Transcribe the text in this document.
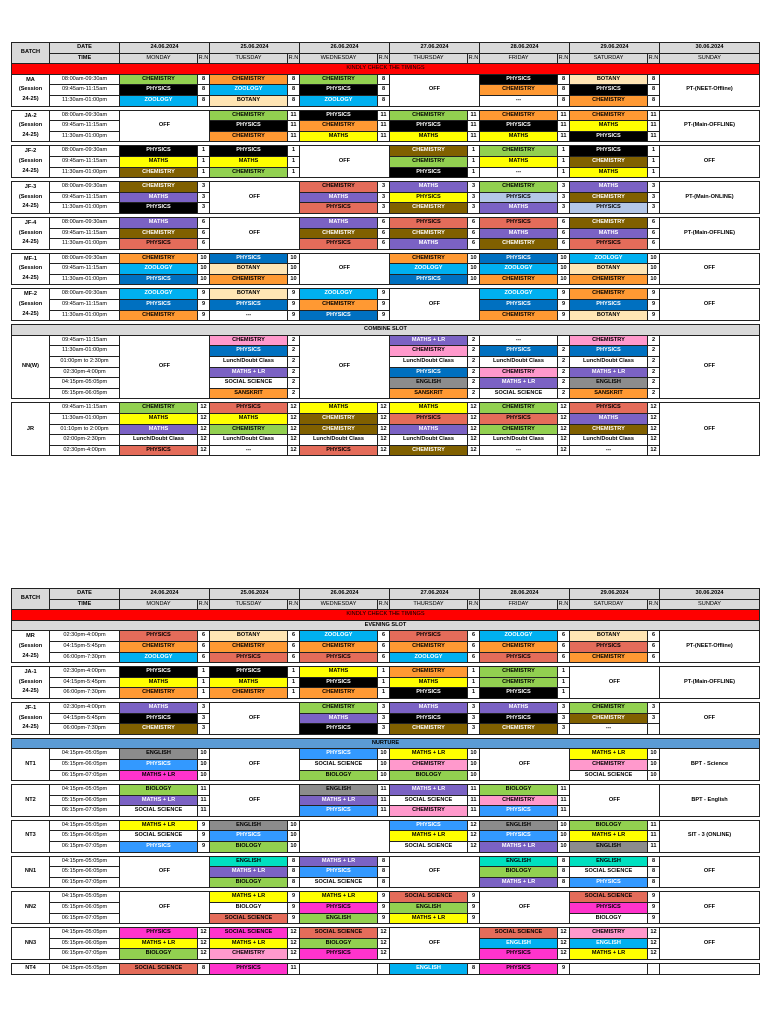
BATCH	DATE	24.06.2024		25.06.2024		26.06.2024		27.06.2024		28.06.2024		29.06.2024		30.06.2024
	TIME	MONDAY	R.N	TUESDAY	R.N	WEDNESDAY	R.N	THURSDAY	R.N	FRIDAY	R.N	SATURDAY	R.N	SUNDAY
KINDLY CHECK THE TIMINGS														
MA
(Session
24-25)	08:00am-09:30am	CHEMISTRY	8	CHEMISTRY	8	CHEMISTRY	8	OFF		PHYSICS	8	BOTANY	8	PT-(NEET-Offline)
	09:45am-11:15am	PHYSICS	8	ZOOLOGY	8	PHYSICS	8			CHEMISTRY	8	PHYSICS	8	
	11:30am-01:00pm	ZOOLOGY	8	BOTANY	8	ZOOLOGY	8			---	8	CHEMISTRY	8	

JA-2
(Session
24-25)	08:00am-09:30am	OFF		CHEMISTRY	11	PHYSICS	11	CHEMISTRY	11	CHEMISTRY	11	CHEMISTRY	11	PT-(Main-OFFLINE)
	09:45am-11:15am			PHYSICS	11	CHEMISTRY	11	PHYSICS	11	PHYSICS	11	MATHS	11	
	11:30am-01:00pm			CHEMISTRY	11	MATHS	11	MATHS	11	MATHS	11	PHYSICS	11	

JF-2
(Session
24-25)	08:00am-09:30am	PHYSICS	1	PHYSICS	1	OFF		CHEMISTRY	1	CHEMISTRY	1	PHYSICS	1	OFF
	09:45am-11:15am	MATHS	1	MATHS	1			CHEMISTRY	1	MATHS	1	CHEMISTRY	1	
	11:30am-01:00pm	CHEMISTRY	1	CHEMISTRY	1			PHYSICS	1	---	1	MATHS	1	

JF-3
(Session
24-25)	08:00am-09:30am	CHEMISTRY	3	OFF		CHEMISTRY	3	MATHS	3	CHEMISTRY	3	MATHS	3	PT-(Main-ONLINE)
	09:45am-11:15am	MATHS	3			MATHS	3	PHYSICS	3	PHYSICS	3	CHEMISTRY	3	
	11:30am-01:00pm	PHYSICS	3			PHYSICS	3	CHEMISTRY	3	MATHS	3	PHYSICS	3	

JF-4
(Session
24-25)	08:00am-09:30am	MATHS	6	OFF		MATHS	6	PHYSICS	6	PHYSICS	6	CHEMISTRY	6	PT-(Main-OFFLINE)
	09:45am-11:15am	CHEMISTRY	6			CHEMISTRY	6	CHEMISTRY	6	MATHS	6	MATHS	6	
	11:30am-01:00pm	PHYSICS	6			PHYSICS	6	MATHS	6	CHEMISTRY	6	PHYSICS	6	

MF-1
(Session
24-25)	08:00am-09:30am	CHEMISTRY	10	PHYSICS	10	OFF		CHEMISTRY	10	PHYSICS	10	ZOOLOGY	10	OFF
	09:45am-11:15am	ZOOLOGY	10	BOTANY	10			ZOOLOGY	10	ZOOLOGY	10	BOTANY	10	
	11:30am-01:00pm	PHYSICS	10	CHEMISTRY	10			PHYSICS	10	CHEMISTRY	10	CHEMISTRY	10	

MF-2
(Session
24-25)	08:00am-09:30am	ZOOLOGY	9	BOTANY	9	ZOOLOGY	9	OFF		ZOOLOGY	9	CHEMISTRY	9	OFF
	09:45am-11:15am	PHYSICS	9	PHYSICS	9	CHEMISTRY	9			PHYSICS	9	PHYSICS	9	
	11:30am-01:00pm	CHEMISTRY	9	---	9	PHYSICS	9			CHEMISTRY	9	BOTANY	9	

COMBINE SLOT														
NN(W)	09:45am-11:15am	OFF		CHEMISTRY	2	OFF		MATHS + LR	2	---		CHEMISTRY	2	OFF
	11:30am-01:00pm			PHYSICS	2			CHEMISTRY	2	PHYSICS	2	PHYSICS	2	
	01:00pm to 2:30pm			Lunch/Doubt Class	2			Lunch/Doubt Class	2	Lunch/Doubt Class	2	Lunch/Doubt Class	2	
	02:30pm-4:00pm			MATHS + LR	2			PHYSICS	2	CHEMISTRY	2	MATHS + LR	2	
	04:15pm-05:05pm			SOCIAL SCIENCE	2			ENGLISH	2	MATHS + LR	2	ENGLISH	2	
	05:15pm-06:05pm			SANSKRIT	2			SANSKRIT	2	SOCIAL SCIENCE	2	SANSKRIT	2	

JR	09:45am-11:15am	CHEMISTRY	12	PHYSICS	12	MATHS	12	MATHS	12	CHEMISTRY	12	PHYSICS	12	OFF
	11:30am-01:00pm	MATHS	12	MATHS	12	CHEMISTRY	12	PHYSICS	12	PHYSICS	12	MATHS	12	
	01:10pm to 2:00pm	MATHS	12	CHEMISTRY	12	CHEMISTRY	12	MATHS	12	CHEMISTRY	12	CHEMISTRY	12	
	02:00pm-2:30pm	Lunch/Doubt Class	12	Lunch/Doubt Class	12	Lunch/Doubt Class	12	Lunch/Doubt Class	12	Lunch/Doubt Class	12	Lunch/Doubt Class	12	
	02:30pm-4:00pm	PHYSICS	12	---	12	PHYSICS	12	CHEMISTRY	12	---	12	---	12	

BATCH	DATE	24.06.2024		25.06.2024		26.06.2024		27.06.2024		28.06.2024		29.06.2024		30.06.2024
	TIME	MONDAY	R.N	TUESDAY	R.N	WEDNESDAY	R.N	THURSDAY	R.N	FRIDAY	R.N	SATURDAY	R.N	SUNDAY
KINDLY CHECK THE TIMINGS														
EVENING SLOT														
MR
(Session
24-25)	02:30pm-4:00pm	PHYSICS	6	BOTANY	6	ZOOLOGY	6	PHYSICS	6	ZOOLOGY	6	BOTANY	6	PT-(NEET-Offline)
	04:15pm-5:45pm	CHEMISTRY	6	CHEMISTRY	6	CHEMISTRY	6	CHEMISTRY	6	CHEMISTRY	6	PHYSICS	6	
	06:00pm-7:30pm	ZOOLOGY	6	PHYSICS	6	PHYSICS	6	ZOOLOGY	6	PHYSICS	6	CHEMISTRY	6	

JA-1
(Session
24-25)	02:30pm-4:00pm	PHYSICS	1	PHYSICS	1	MATHS	1	CHEMISTRY	1	CHEMISTRY	1	OFF		PT-(Main-OFFLINE)
	04:15pm-5:45pm	MATHS	1	MATHS	1	PHYSICS	1	MATHS	1	CHEMISTRY	1			
	06:00pm-7:30pm	CHEMISTRY	1	CHEMISTRY	1	CHEMISTRY	1	PHYSICS	1	PHYSICS	1			

JF-1
(Session
24-25)	02:30pm-4:00pm	MATHS	3	OFF		CHEMISTRY	3	MATHS	3	MATHS	3	CHEMISTRY	3	OFF
	04:15pm-5:45pm	PHYSICS	3			MATHS	3	PHYSICS	3	PHYSICS	3	CHEMISTRY	3	
	06:00pm-7:30pm	CHEMISTRY	3			PHYSICS	3	CHEMISTRY	3	CHEMISTRY	3	---		

NURTURE														
NT1	04:15pm-05:05pm	ENGLISH	10	OFF		PHYSICS	10	MATHS + LR	10	OFF		MATHS + LR	10	BPT - Science
	05:15pm-06:05pm	PHYSICS	10			SOCIAL SCIENCE	10	CHEMISTRY	10			CHEMISTRY	10	
	06:15pm-07:05pm	MATHS + LR	10			BIOLOGY	10	BIOLOGY	10			SOCIAL SCIENCE	10	

NT2	04:15pm-05:05pm	BIOLOGY	11	OFF		ENGLISH	11	MATHS + LR	11	BIOLOGY	11	OFF		BPT - English
	05:15pm-06:05pm	MATHS + LR	11			MATHS + LR	11	SOCIAL SCIENCE	11	CHEMISTRY	11			
	06:15pm-07:05pm	SOCIAL SCIENCE	11			PHYSICS	11	CHEMISTRY	11	PHYSICS	11			

NT3	04:15pm-05:05pm	MATHS + LR	9	ENGLISH	10			PHYSICS	12	ENGLISH	10	BIOLOGY	11	SIT - 3 (ONLINE)
	05:15pm-06:05pm	SOCIAL SCIENCE	9	PHYSICS	10			MATHS + LR	12	PHYSICS	10	MATHS + LR	11	
	06:15pm-07:05pm	PHYSICS	9	BIOLOGY	10			SOCIAL SCIENCE	12	MATHS + LR	10	ENGLISH	11	

NN1	04:15pm-05:05pm	OFF		ENGLISH	8	MATHS + LR	8	OFF		ENGLISH	8	ENGLISH	8	OFF
	05:15pm-06:05pm			MATHS + LR	8	PHYSICS	8			BIOLOGY	8	SOCIAL SCIENCE	8	
	06:15pm-07:05pm			BIOLOGY	8	SOCIAL SCIENCE	8			MATHS + LR	8	PHYSICS	8	

NN2	04:15pm-05:05pm	OFF		MATHS + LR	9	MATHS + LR	9	SOCIAL SCIENCE	9	OFF		SOCIAL SCIENCE	9	OFF
	05:15pm-06:05pm			BIOLOGY	9	PHYSICS	9	ENGLISH	9			PHYSICS	9	
	06:15pm-07:05pm			SOCIAL SCIENCE	9	ENGLISH	9	MATHS + LR	9			BIOLOGY	9	

NN3	04:15pm-05:05pm	PHYSICS	12	SOCIAL SCIENCE	12	SOCIAL SCIENCE	12	OFF		SOCIAL SCIENCE	12	CHEMISTRY	12	OFF
	05:15pm-06:05pm	MATHS + LR	12	MATHS + LR	12	BIOLOGY	12			ENGLISH	12	ENGLISH	12	
	06:15pm-07:05pm	BIOLOGY	12	CHEMISTRY	12	PHYSICS	12			PHYSICS	12	MATHS + LR	12	

NT4	04:15pm-05:05pm	SOCIAL SCIENCE	8	PHYSICS	11			ENGLISH	8	PHYSICS	9			
